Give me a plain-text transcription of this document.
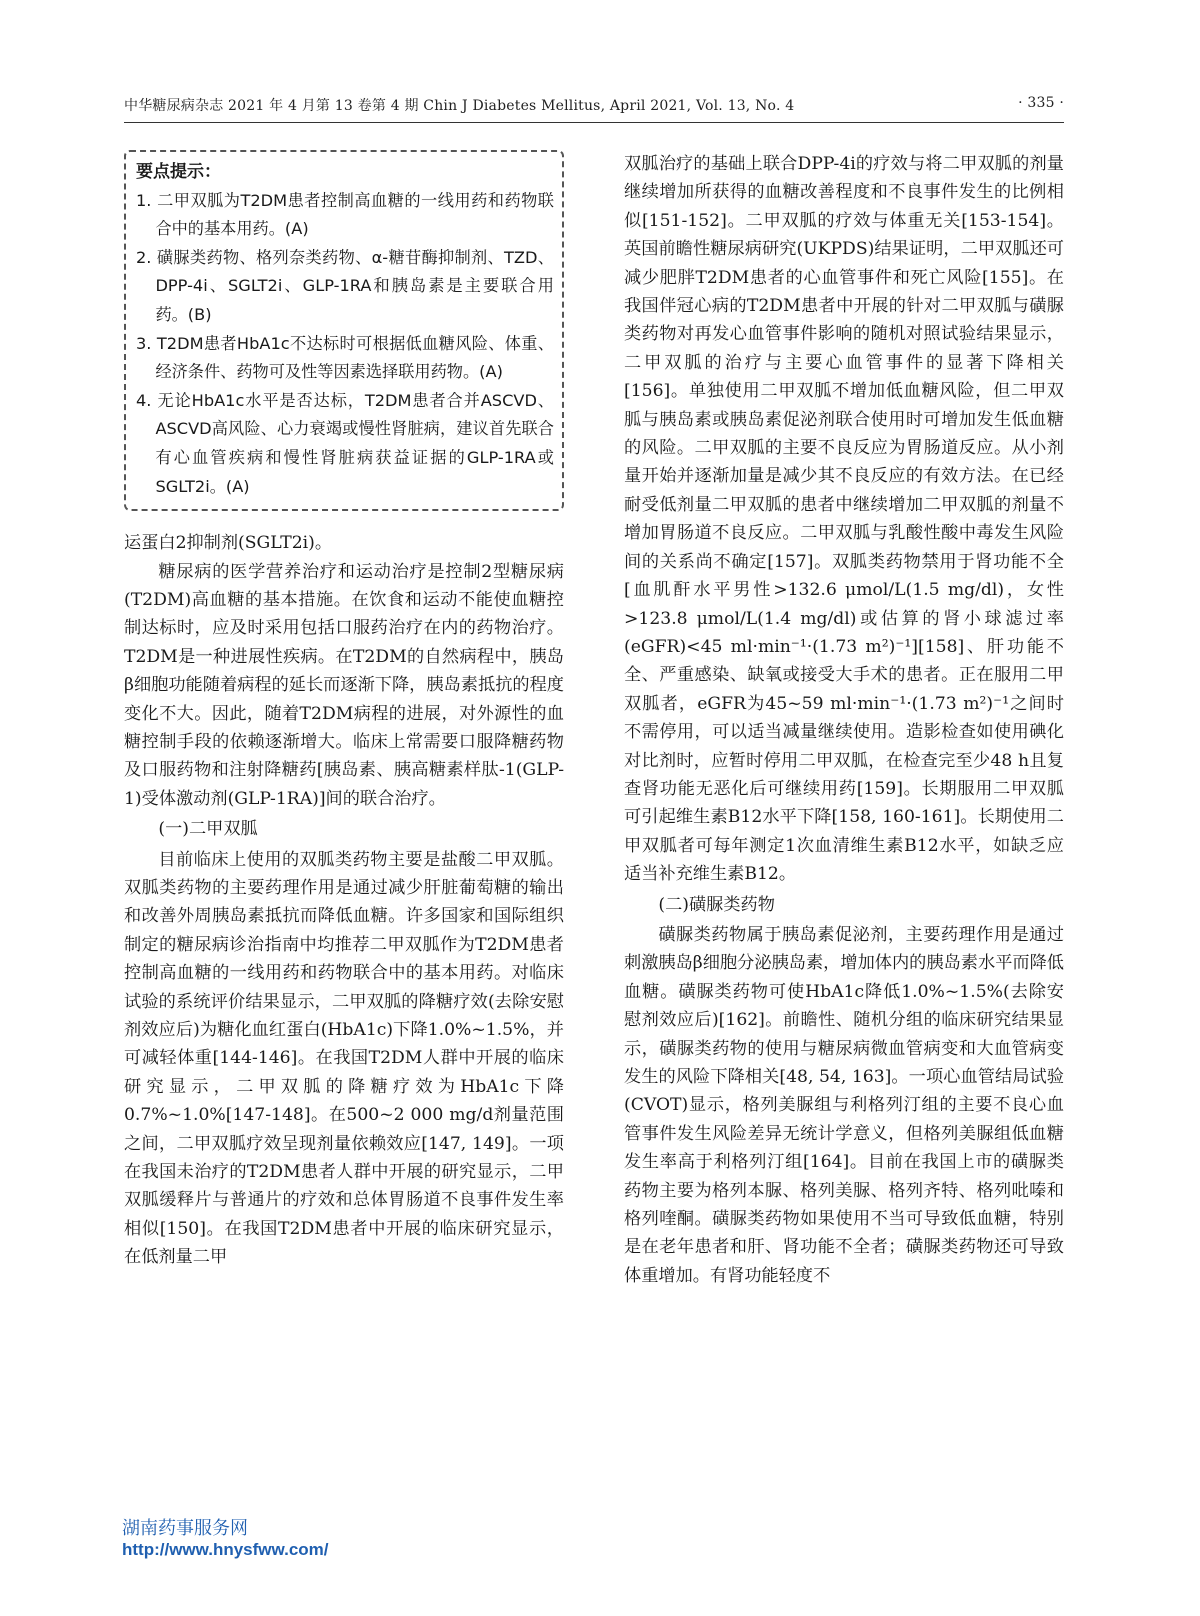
中华糖尿病杂志 2021 年 4 月第 13 卷第 4 期 Chin J Diabetes Mellitus, April 2021, Vol. 13, No. 4	· 335 ·
要点提示：
1. 二甲双胍为T2DM患者控制高血糖的一线用药和药物联合中的基本用药。(A)
2. 磺脲类药物、格列奈类药物、α-糖苷酶抑制剂、TZD、DPP-4i、SGLT2i、GLP-1RA和胰岛素是主要联合用药。(B)
3. T2DM患者HbA1c不达标时可根据低血糖风险、体重、经济条件、药物可及性等因素选择联用药物。(A)
4. 无论HbA1c水平是否达标，T2DM患者合并ASCVD、ASCVD高风险、心力衰竭或慢性肾脏病，建议首先联合有心血管疾病和慢性肾脏病获益证据的GLP-1RA或SGLT2i。(A)

运蛋白2抑制剂(SGLT2i)。

糖尿病的医学营养治疗和运动治疗是控制2型糖尿病(T2DM)高血糖的基本措施。在饮食和运动不能使血糖控制达标时，应及时采用包括口服药治疗在内的药物治疗。T2DM是一种进展性疾病。在T2DM的自然病程中，胰岛β细胞功能随着病程的延长而逐渐下降，胰岛素抵抗的程度变化不大。因此，随着T2DM病程的进展，对外源性的血糖控制手段的依赖逐渐增大。临床上常需要口服降糖药物及口服药物和注射降糖药[胰岛素、胰高糖素样肽-1(GLP-1)受体激动剂(GLP-1RA)]间的联合治疗。

(一)二甲双胍

目前临床上使用的双胍类药物主要是盐酸二甲双胍。双胍类药物的主要药理作用是通过减少肝脏葡萄糖的输出和改善外周胰岛素抵抗而降低血糖。许多国家和国际组织制定的糖尿病诊治指南中均推荐二甲双胍作为T2DM患者控制高血糖的一线用药和药物联合中的基本用药。对临床试验的系统评价结果显示，二甲双胍的降糖疗效(去除安慰剂效应后)为糖化血红蛋白(HbA1c)下降1.0%~1.5%，并可减轻体重[144-146]。在我国T2DM人群中开展的临床研究显示，二甲双胍的降糖疗效为HbA1c下降0.7%~1.0%[147-148]。在500~2 000 mg/d剂量范围之间，二甲双胍疗效呈现剂量依赖效应[147, 149]。一项在我国未治疗的T2DM患者人群中开展的研究显示，二甲双胍缓释片与普通片的疗效和总体胃肠道不良事件发生率相似[150]。在我国T2DM患者中开展的临床研究显示，在低剂量二甲

双胍治疗的基础上联合DPP-4i的疗效与将二甲双胍的剂量继续增加所获得的血糖改善程度和不良事件发生的比例相似[151-152]。二甲双胍的疗效与体重无关[153-154]。英国前瞻性糖尿病研究(UKPDS)结果证明，二甲双胍还可减少肥胖T2DM患者的心血管事件和死亡风险[155]。在我国伴冠心病的T2DM患者中开展的针对二甲双胍与磺脲类药物对再发心血管事件影响的随机对照试验结果显示，二甲双胍的治疗与主要心血管事件的显著下降相关[156]。单独使用二甲双胍不增加低血糖风险，但二甲双胍与胰岛素或胰岛素促泌剂联合使用时可增加发生低血糖的风险。二甲双胍的主要不良反应为胃肠道反应。从小剂量开始并逐渐加量是减少其不良反应的有效方法。在已经耐受低剂量二甲双胍的患者中继续增加二甲双胍的剂量不增加胃肠道不良反应。二甲双胍与乳酸性酸中毒发生风险间的关系尚不确定[157]。双胍类药物禁用于肾功能不全[血肌酐水平男性>132.6 μmol/L(1.5 mg/dl)，女性>123.8 μmol/L(1.4 mg/dl)或估算的肾小球滤过率(eGFR)<45 ml·min⁻¹·(1.73 m²)⁻¹][158]、肝功能不全、严重感染、缺氧或接受大手术的患者。正在服用二甲双胍者，eGFR为45~59 ml·min⁻¹·(1.73 m²)⁻¹之间时不需停用，可以适当减量继续使用。造影检查如使用碘化对比剂时，应暂时停用二甲双胍，在检查完至少48 h且复查肾功能无恶化后可继续用药[159]。长期服用二甲双胍可引起维生素B12水平下降[158, 160-161]。长期使用二甲双胍者可每年测定1次血清维生素B12水平，如缺乏应适当补充维生素B12。

(二)磺脲类药物

磺脲类药物属于胰岛素促泌剂，主要药理作用是通过刺激胰岛β细胞分泌胰岛素，增加体内的胰岛素水平而降低血糖。磺脲类药物可使HbA1c降低1.0%~1.5%(去除安慰剂效应后)[162]。前瞻性、随机分组的临床研究结果显示，磺脲类药物的使用与糖尿病微血管病变和大血管病变发生的风险下降相关[48, 54, 163]。一项心血管结局试验(CVOT)显示，格列美脲组与利格列汀组的主要不良心血管事件发生风险差异无统计学意义，但格列美脲组低血糖发生率高于利格列汀组[164]。目前在我国上市的磺脲类药物主要为格列本脲、格列美脲、格列齐特、格列吡嗪和格列喹酮。磺脲类药物如果使用不当可导致低血糖，特别是在老年患者和肝、肾功能不全者；磺脲类药物还可导致体重增加。有肾功能轻度不

湖南药事服务网
http://www.hnysfww.com/
